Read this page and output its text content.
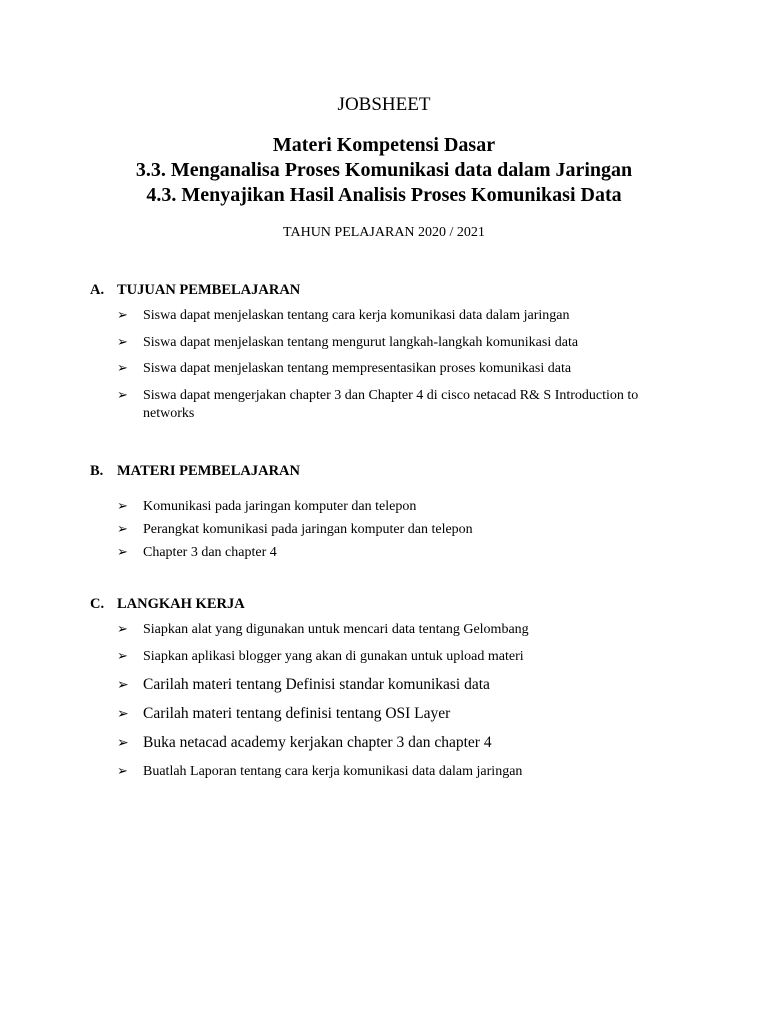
JOBSHEET
Materi Kompetensi Dasar
3.3. Menganalisa Proses Komunikasi data dalam Jaringan
4.3. Menyajikan Hasil Analisis Proses Komunikasi Data
TAHUN PELAJARAN 2020 / 2021
A. TUJUAN PEMBELAJARAN
➢ Siswa dapat menjelaskan tentang cara kerja komunikasi data dalam jaringan
➢ Siswa dapat menjelaskan tentang mengurut langkah-langkah komunikasi data
➢ Siswa dapat menjelaskan tentang mempresentasikan proses komunikasi data
➢ Siswa dapat mengerjakan chapter 3 dan Chapter 4 di cisco netacad R& S Introduction to networks
B. MATERI PEMBELAJARAN
➢ Komunikasi pada jaringan komputer dan telepon
➢ Perangkat komunikasi pada jaringan komputer dan telepon
➢ Chapter 3 dan chapter 4
C. LANGKAH KERJA
➢ Siapkan alat yang digunakan untuk mencari data tentang Gelombang
➢ Siapkan aplikasi blogger yang akan di gunakan untuk upload materi
➢ Carilah materi tentang Definisi standar komunikasi data
➢ Carilah materi tentang definisi tentang OSI Layer
➢ Buka netacad academy kerjakan chapter 3 dan chapter 4
➢ Buatlah Laporan tentang cara kerja komunikasi data dalam jaringan
